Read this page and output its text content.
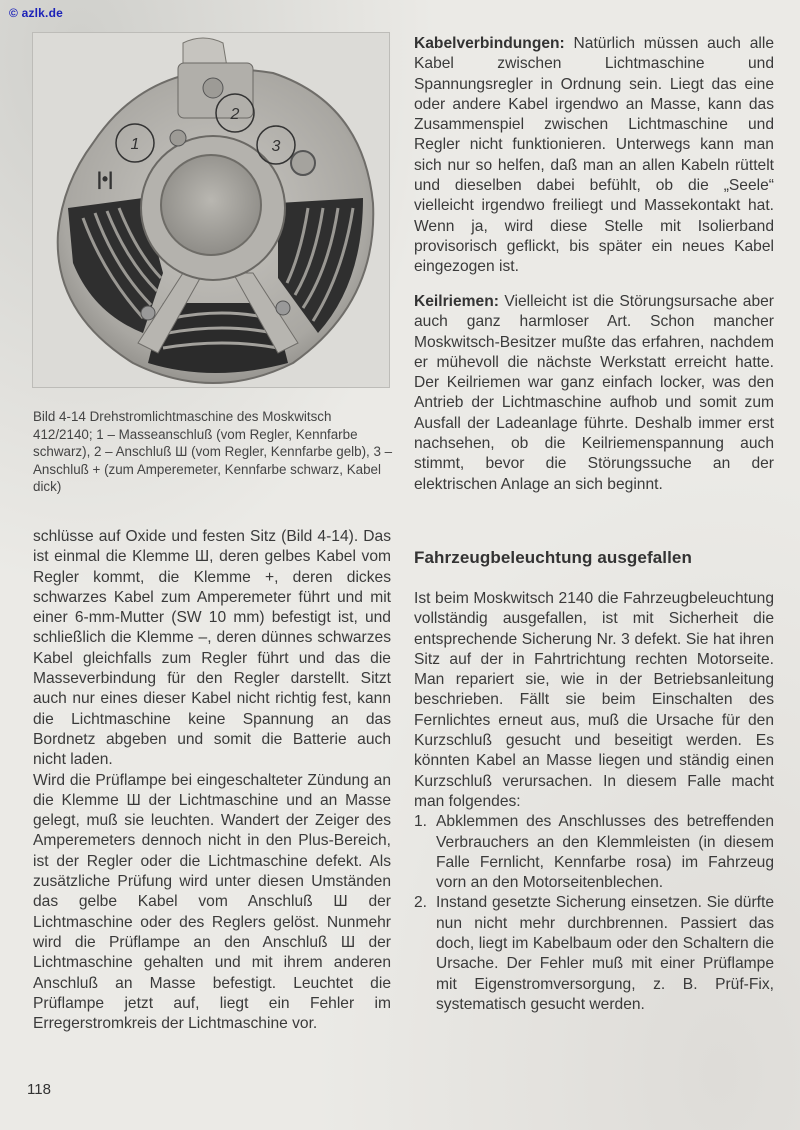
© azlk.de
1
2
3
|•|
Bild 4-14 Drehstromlichtmaschine des Moskwitsch 412/2140; 1 – Masseanschluß (vom Regler, Kennfarbe schwarz), 2 – Anschluß Ш (vom Regler, Kennfarbe gelb), 3 – Anschluß + (zum Amperemeter, Kennfarbe schwarz, Kabel dick)

schlüsse auf Oxide und festen Sitz (Bild 4-14). Das ist einmal die Klemme Ш, deren gelbes Kabel vom Regler kommt, die Klemme +, deren dickes schwarzes Kabel zum Amperemeter führt und mit einer 6-mm-Mutter (SW 10 mm) befestigt ist, und schließlich die Klemme –, deren dünnes schwarzes Kabel gleichfalls zum Regler führt und das die Masseverbindung für den Regler darstellt. Sitzt auch nur eines dieser Kabel nicht richtig fest, kann die Lichtmaschine keine Spannung an das Bordnetz abgeben und somit die Batterie auch nicht laden.

Wird die Prüflampe bei eingeschalteter Zündung an die Klemme Ш der Lichtmaschine und an Masse gelegt, muß sie leuchten. Wandert der Zeiger des Amperemeters dennoch nicht in den Plus-Bereich, ist der Regler oder die Lichtmaschine defekt. Als zusätzliche Prüfung wird unter diesen Umständen das gelbe Kabel vom Anschluß Ш der Lichtmaschine oder des Reglers gelöst. Nunmehr wird die Prüflampe an den Anschluß Ш der Lichtmaschine gehalten und mit ihrem anderen Anschluß an Masse befestigt. Leuchtet die Prüflampe jetzt auf, liegt ein Fehler im Erregerstromkreis der Lichtmaschine vor.

Kabelverbindungen: Natürlich müssen auch alle Kabel zwischen Lichtmaschine und Spannungsregler in Ordnung sein. Liegt das eine oder andere Kabel irgendwo an Masse, kann das Zusammenspiel zwischen Lichtmaschine und Regler nicht funktionieren. Unterwegs kann man sich nur so helfen, daß man an allen Kabeln rüttelt und dieselben dabei befühlt, ob die „Seele“ vielleicht irgendwo freiliegt und Massekontakt hat. Wenn ja, wird diese Stelle mit Isolierband provisorisch geflickt, bis später ein neues Kabel eingezogen ist.

Keilriemen: Vielleicht ist die Störungsursache aber auch ganz harmloser Art. Schon mancher Moskwitsch-Besitzer mußte das erfahren, nachdem er mühevoll die nächste Werkstatt erreicht hatte. Der Keilriemen war ganz einfach locker, was den Antrieb der Lichtmaschine aufhob und somit zum Ausfall der Ladeanlage führte. Deshalb immer erst nachsehen, ob die Keilriemenspannung auch stimmt, bevor die Störungssuche an der elektrischen Anlage an sich beginnt.

Fahrzeugbeleuchtung ausgefallen

Ist beim Moskwitsch 2140 die Fahrzeugbeleuchtung vollständig ausgefallen, ist mit Sicherheit die entsprechende Sicherung Nr. 3 defekt. Sie hat ihren Sitz auf der in Fahrtrichtung rechten Motorseite. Man repariert sie, wie in der Betriebsanleitung beschrieben. Fällt sie beim Einschalten des Fernlichtes erneut aus, muß die Ursache für den Kurzschluß gesucht und beseitigt werden. Es könnten Kabel an Masse liegen und ständig einen Kurzschluß verursachen. In diesem Falle macht man folgendes:

1. Abklemmen des Anschlusses des betreffenden Verbrauchers an den Klemmleisten (in diesem Falle Fernlicht, Kennfarbe rosa) im Fahrzeug vorn an den Motorseitenblechen.
2. Instand gesetzte Sicherung einsetzen. Sie dürfte nun nicht mehr durchbrennen. Passiert das doch, liegt im Kabelbaum oder den Schaltern die Ursache. Der Fehler muß mit einer Prüflampe mit Eigenstromversorgung, z. B. Prüf-Fix, systematisch gesucht werden.
118
